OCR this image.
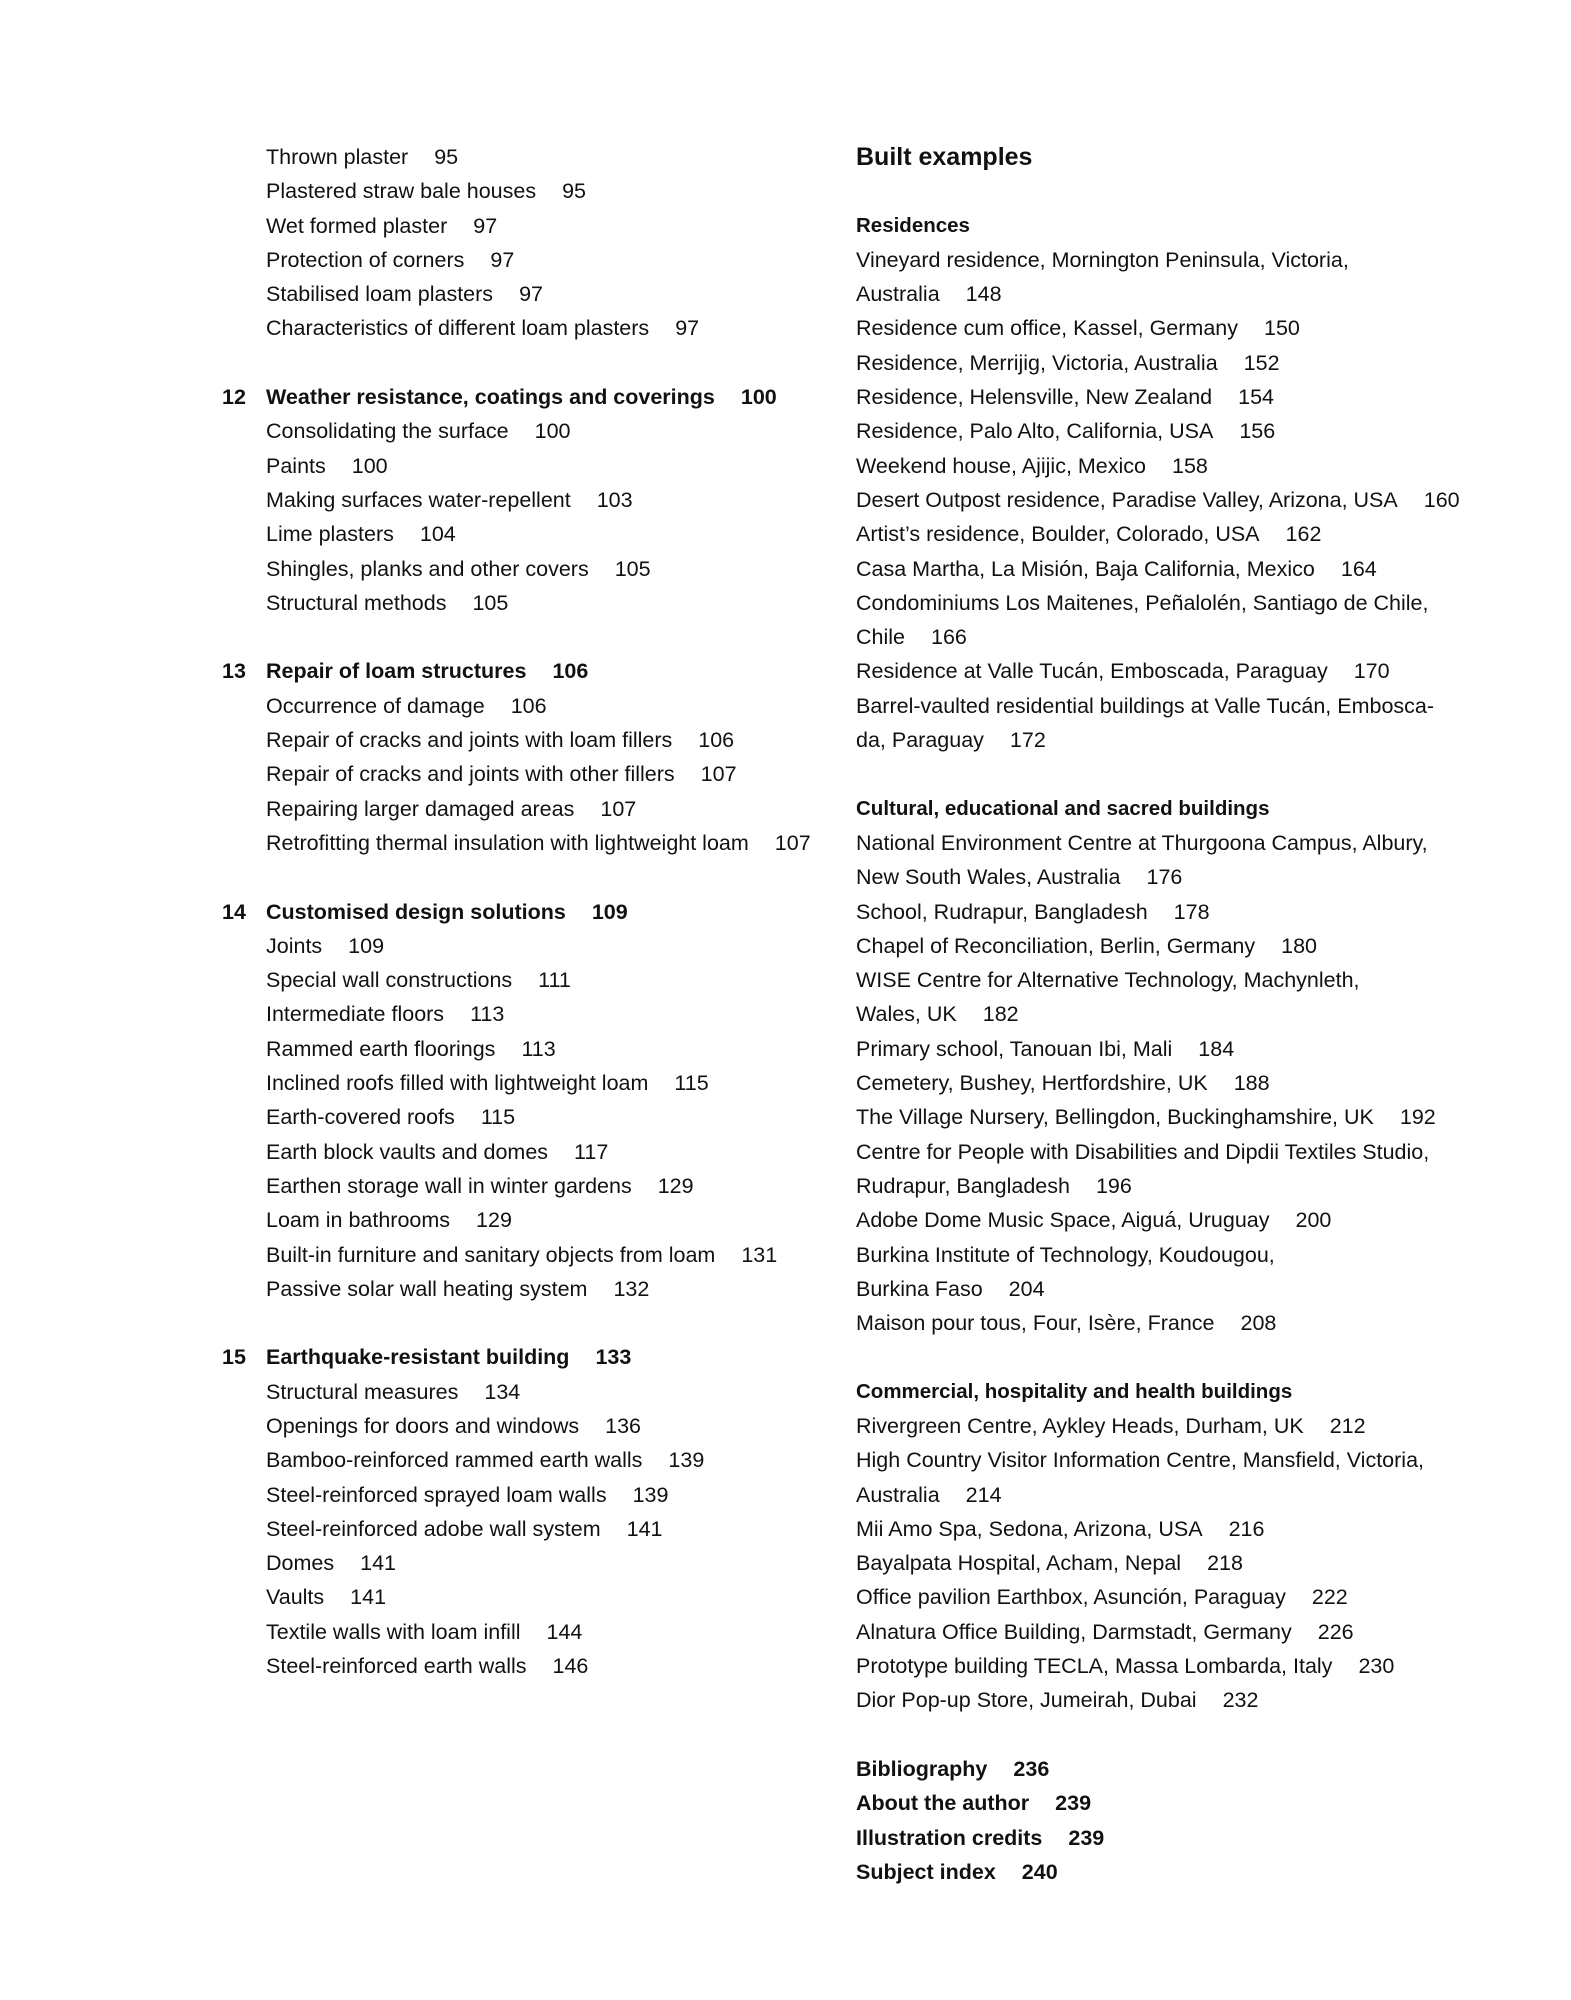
Thrown plaster 95
Plastered straw bale houses 95
Wet formed plaster 97
Protection of corners 97
Stabilised loam plasters 97
Characteristics of different loam plasters 97
12 Weather resistance, coatings and coverings 100
Consolidating the surface 100
Paints 100
Making surfaces water-repellent 103
Lime plasters 104
Shingles, planks and other covers 105
Structural methods 105
13 Repair of loam structures 106
Occurrence of damage 106
Repair of cracks and joints with loam fillers 106
Repair of cracks and joints with other fillers 107
Repairing larger damaged areas 107
Retrofitting thermal insulation with lightweight loam 107
14 Customised design solutions 109
Joints 109
Special wall constructions 111
Intermediate floors 113
Rammed earth floorings 113
Inclined roofs filled with lightweight loam 115
Earth-covered roofs 115
Earth block vaults and domes 117
Earthen storage wall in winter gardens 129
Loam in bathrooms 129
Built-in furniture and sanitary objects from loam 131
Passive solar wall heating system 132
15 Earthquake-resistant building 133
Structural measures 134
Openings for doors and windows 136
Bamboo-reinforced rammed earth walls 139
Steel-reinforced sprayed loam walls 139
Steel-reinforced adobe wall system 141
Domes 141
Vaults 141
Textile walls with loam infill 144
Steel-reinforced earth walls 146
Built examples
Residences
Vineyard residence, Mornington Peninsula, Victoria,
Australia 148
Residence cum office, Kassel, Germany 150
Residence, Merrijig, Victoria, Australia 152
Residence, Helensville, New Zealand 154
Residence, Palo Alto, California, USA 156
Weekend house, Ajijic, Mexico 158
Desert Outpost residence, Paradise Valley, Arizona, USA 160
Artist’s residence, Boulder, Colorado, USA 162
Casa Martha, La Misión, Baja California, Mexico 164
Condominiums Los Maitenes, Peñalolén, Santiago de Chile,
Chile 166
Residence at Valle Tucán, Emboscada, Paraguay 170
Barrel-vaulted residential buildings at Valle Tucán, Embosca-
da, Paraguay 172
Cultural, educational and sacred buildings
National Environment Centre at Thurgoona Campus, Albury,
New South Wales, Australia 176
School, Rudrapur, Bangladesh 178
Chapel of Reconciliation, Berlin, Germany 180
WISE Centre for Alternative Technology, Machynleth,
Wales, UK 182
Primary school, Tanouan Ibi, Mali 184
Cemetery, Bushey, Hertfordshire, UK 188
The Village Nursery, Bellingdon, Buckinghamshire, UK 192
Centre for People with Disabilities and Dipdii Textiles Studio,
Rudrapur, Bangladesh 196
Adobe Dome Music Space, Aiguá, Uruguay 200
Burkina Institute of Technology, Koudougou,
Burkina Faso 204
Maison pour tous, Four, Isère, France 208
Commercial, hospitality and health buildings
Rivergreen Centre, Aykley Heads, Durham, UK 212
High Country Visitor Information Centre, Mansfield, Victoria,
Australia 214
Mii Amo Spa, Sedona, Arizona, USA 216
Bayalpata Hospital, Acham, Nepal 218
Office pavilion Earthbox, Asunción, Paraguay 222
Alnatura Office Building, Darmstadt, Germany 226
Prototype building TECLA, Massa Lombarda, Italy 230
Dior Pop-up Store, Jumeirah, Dubai 232
Bibliography 236
About the author 239
Illustration credits 239
Subject index 240
